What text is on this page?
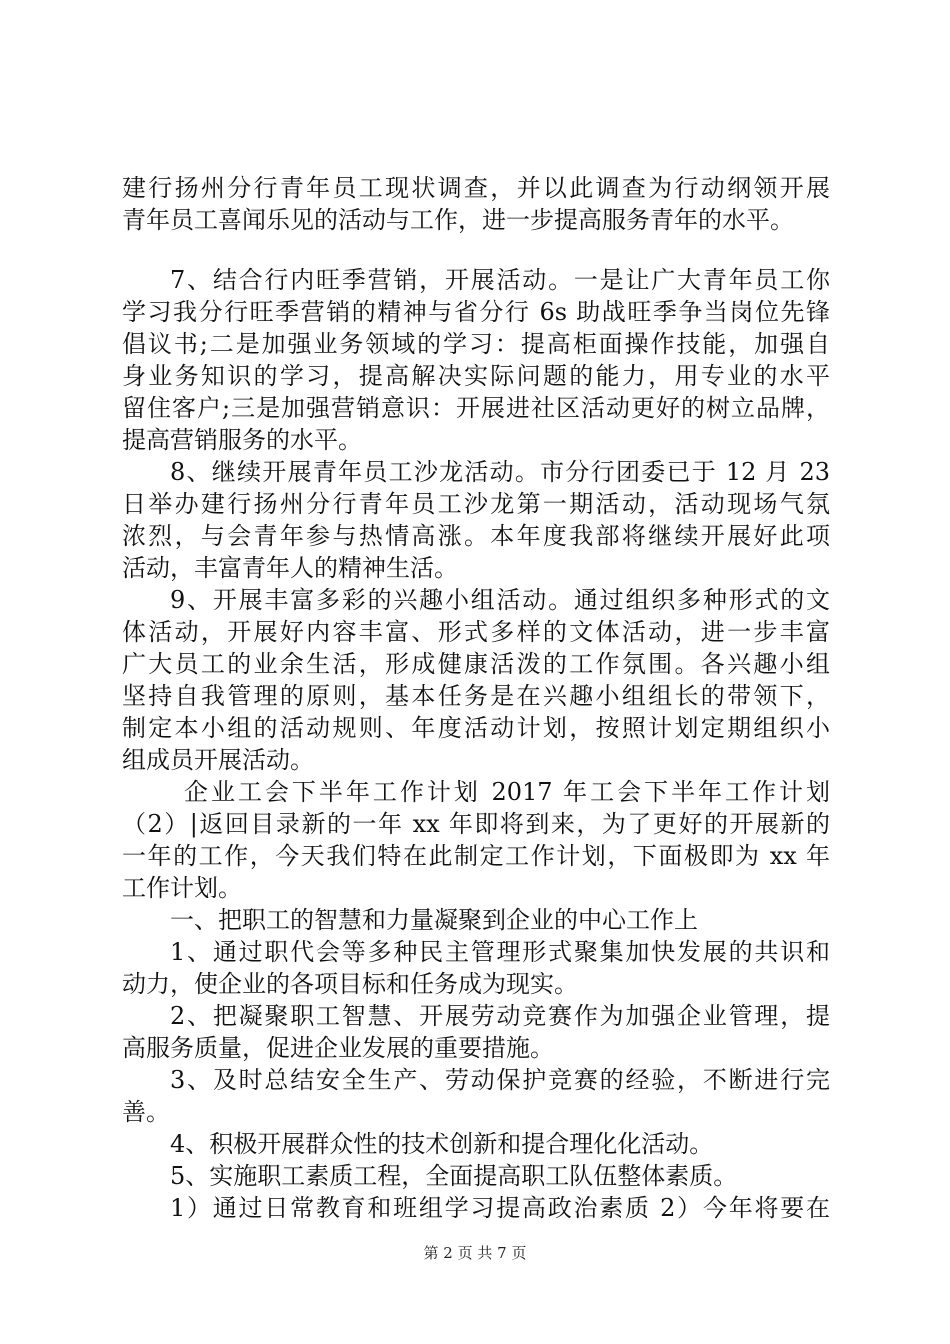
建行扬州分行青年员工现状调查，并以此调查为行动纲领开展
青年员工喜闻乐见的活动与工作，进一步提高服务青年的水平。
7、结合行内旺季营销，开展活动。一是让广大青年员工你
学习我分行旺季营销的精神与省分行 6s 助战旺季争当岗位先锋
倡议书;二是加强业务领域的学习：提高柜面操作技能，加强自
身业务知识的学习，提高解决实际问题的能力，用专业的水平
留住客户;三是加强营销意识：开展进社区活动更好的树立品牌，
提高营销服务的水平。
8、继续开展青年员工沙龙活动。市分行团委已于 12 月 23
日举办建行扬州分行青年员工沙龙第一期活动，活动现场气氛
浓烈，与会青年参与热情高涨。本年度我部将继续开展好此项
活动，丰富青年人的精神生活。
9、开展丰富多彩的兴趣小组活动。通过组织多种形式的文
体活动，开展好内容丰富、形式多样的文体活动，进一步丰富
广大员工的业余生活，形成健康活泼的工作氛围。各兴趣小组
坚持自我管理的原则，基本任务是在兴趣小组组长的带领下，
制定本小组的活动规则、年度活动计划，按照计划定期组织小
组成员开展活动。
企业工会下半年工作计划 2017 年工会下半年工作计划
（2）|返回目录新的一年 xx 年即将到来，为了更好的开展新的
一年的工作，今天我们特在此制定工作计划，下面极即为 xx 年
工作计划。
一、把职工的智慧和力量凝聚到企业的中心工作上
1、通过职代会等多种民主管理形式聚集加快发展的共识和
动力，使企业的各项目标和任务成为现实。
2、把凝聚职工智慧、开展劳动竞赛作为加强企业管理，提
高服务质量，促进企业发展的重要措施。
3、及时总结安全生产、劳动保护竞赛的经验，不断进行完
善。
4、积极开展群众性的技术创新和提合理化化活动。
5、实施职工素质工程，全面提高职工队伍整体素质。
1）通过日常教育和班组学习提高政治素质 2）今年将要在
第 2 页 共 7 页
